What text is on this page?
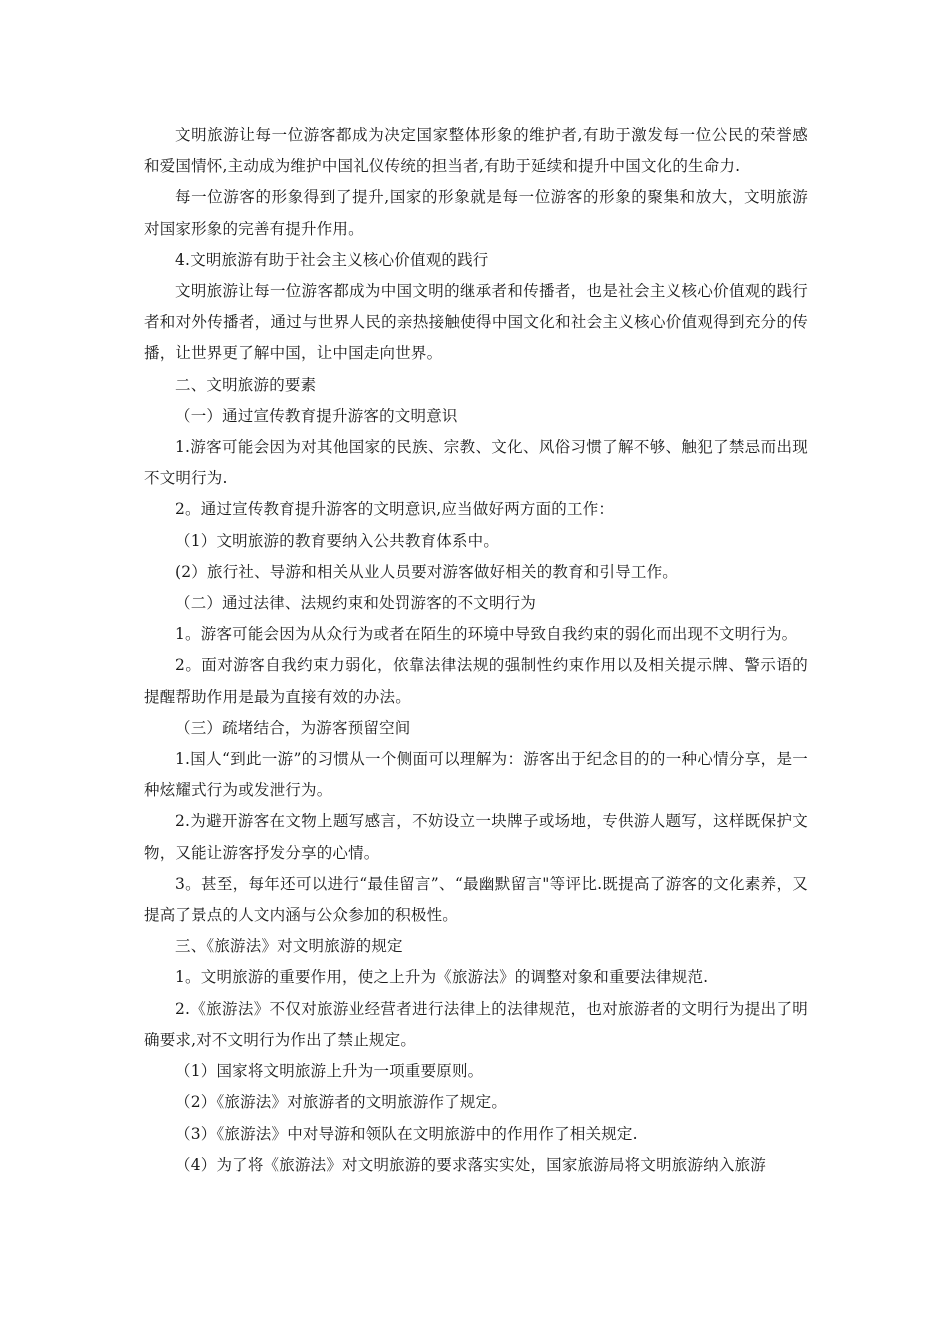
文明旅游让每一位游客都成为决定国家整体形象的维护者,有助于激发每一位公民的荣誉感和爱国情怀,主动成为维护中国礼仪传统的担当者,有助于延续和提升中国文化的生命力.

每一位游客的形象得到了提升,国家的形象就是每一位游客的形象的聚集和放大，文明旅游对国家形象的完善有提升作用。

4.文明旅游有助于社会主义核心价值观的践行

文明旅游让每一位游客都成为中国文明的继承者和传播者，也是社会主义核心价值观的践行者和对外传播者，通过与世界人民的亲热接触使得中国文化和社会主义核心价值观得到充分的传播，让世界更了解中国，让中国走向世界。

二、文明旅游的要素

（一）通过宣传教育提升游客的文明意识

1.游客可能会因为对其他国家的民族、宗教、文化、风俗习惯了解不够、触犯了禁忌而出现不文明行为.

2。通过宣传教育提升游客的文明意识,应当做好两方面的工作：

（1）文明旅游的教育要纳入公共教育体系中。

(2）旅行社、导游和相关从业人员要对游客做好相关的教育和引导工作。

（二）通过法律、法规约束和处罚游客的不文明行为

1。游客可能会因为从众行为或者在陌生的环境中导致自我约束的弱化而出现不文明行为。

2。面对游客自我约束力弱化，依靠法律法规的强制性约束作用以及相关提示牌、警示语的提醒帮助作用是最为直接有效的办法。

（三）疏堵结合，为游客预留空间

1.国人“到此一游”的习惯从一个侧面可以理解为：游客出于纪念目的的一种心情分享，是一种炫耀式行为或发泄行为。

2.为避开游客在文物上题写感言，不妨设立一块牌子或场地，专供游人题写，这样既保护文物，又能让游客抒发分享的心情。

3。甚至，每年还可以进行“最佳留言”、“最幽默留言"等评比.既提高了游客的文化素养，又提高了景点的人文内涵与公众参加的积极性。

三、《旅游法》对文明旅游的规定

1。文明旅游的重要作用，使之上升为《旅游法》的调整对象和重要法律规范.

2.《旅游法》不仅对旅游业经营者进行法律上的法律规范，也对旅游者的文明行为提出了明确要求,对不文明行为作出了禁止规定。

（1）国家将文明旅游上升为一项重要原则。

（2）《旅游法》对旅游者的文明旅游作了规定。

（3）《旅游法》中对导游和领队在文明旅游中的作用作了相关规定.

（4）为了将《旅游法》对文明旅游的要求落实实处，国家旅游局将文明旅游纳入旅游
